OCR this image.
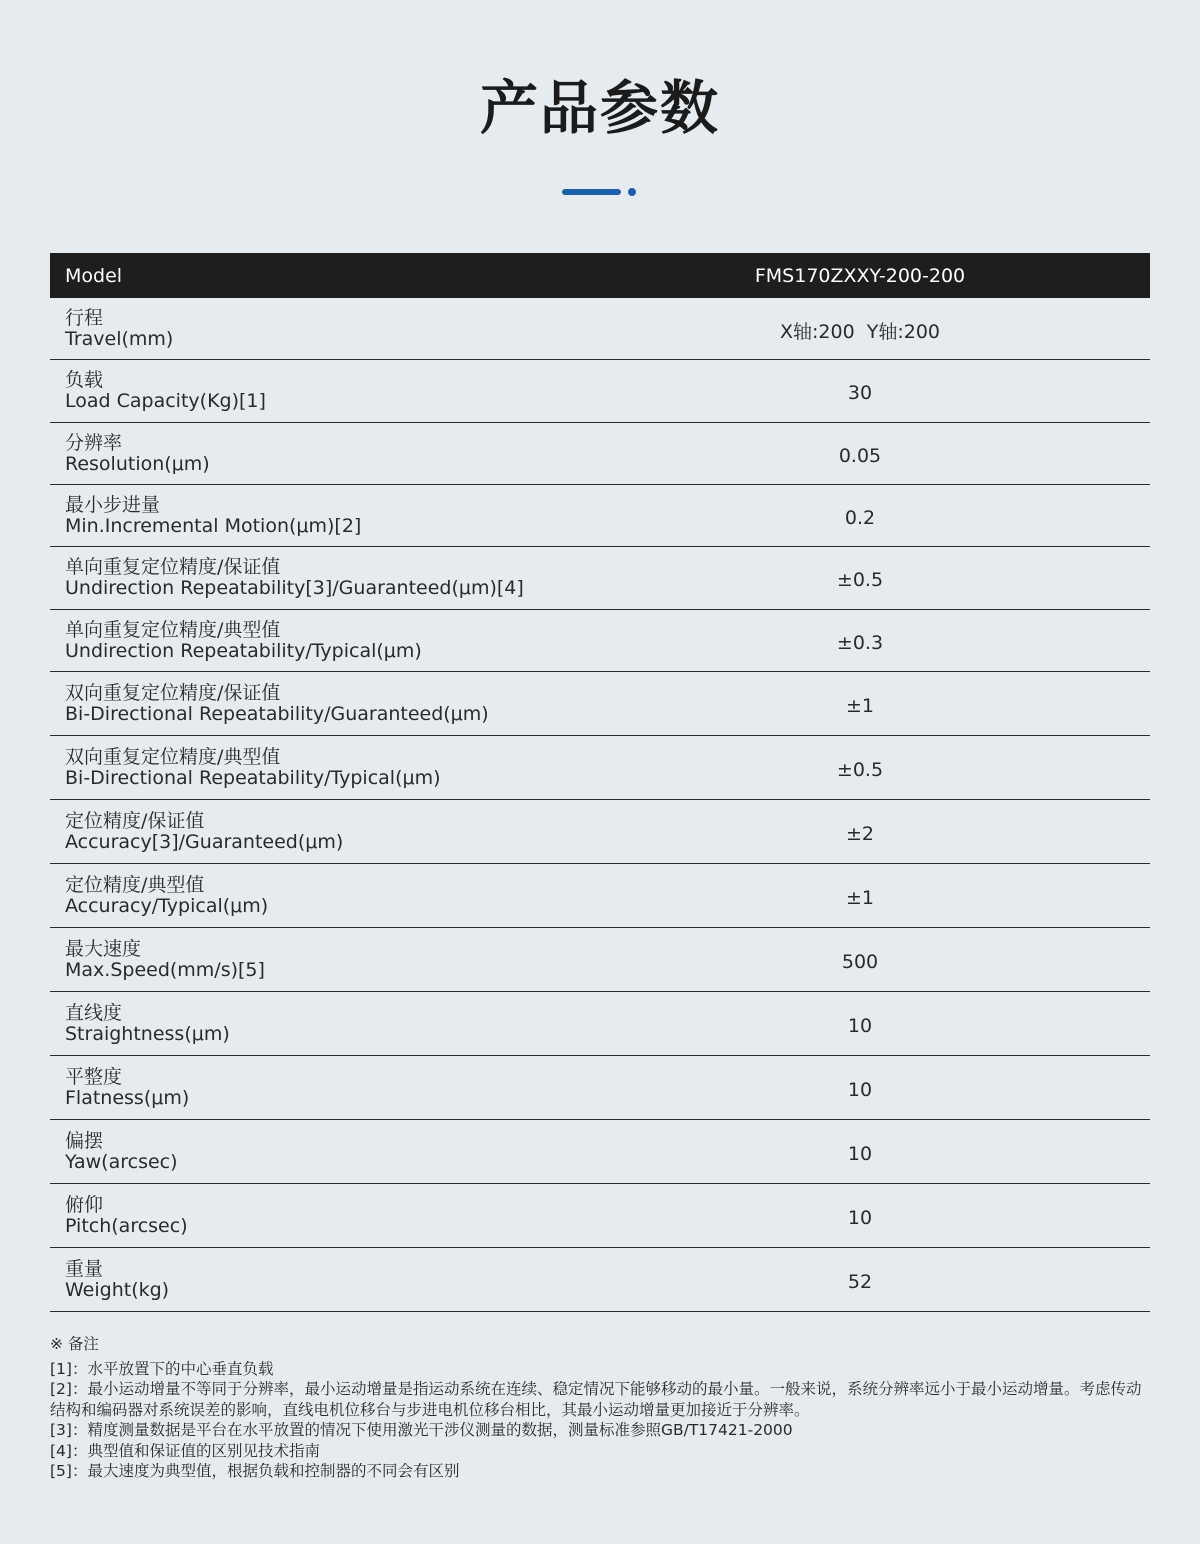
产品参数
Model	FMS170ZXXY-200-200
行程
Travel(mm)	X轴:200  Y轴:200
负载
Load Capacity(Kg)[1]	30
分辨率
Resolution(μm)	0.05
最小步进量
Min.Incremental Motion(μm)[2]	0.2
单向重复定位精度/保证值
Undirection Repeatability[3]/Guaranteed(μm)[4]	±0.5
单向重复定位精度/典型值
Undirection Repeatability/Typical(μm)	±0.3
双向重复定位精度/保证值
Bi-Directional Repeatability/Guaranteed(μm)	±1
双向重复定位精度/典型值
Bi-Directional Repeatability/Typical(μm)	±0.5
定位精度/保证值
Accuracy[3]/Guaranteed(μm)	±2
定位精度/典型值
Accuracy/Typical(μm)	±1
最大速度
Max.Speed(mm/s)[5]	500
直线度
Straightness(μm)	10
平整度
Flatness(μm)	10
偏摆
Yaw(arcsec)	10
俯仰
Pitch(arcsec)	10
重量
Weight(kg)	52
※ 备注
[1]：水平放置下的中心垂直负载
[2]：最小运动增量不等同于分辨率，最小运动增量是指运动系统在连续、稳定情况下能够移动的最小量。一般来说，系统分辨率远小于最小运动增量。考虑传动结构和编码器对系统误差的影响，直线电机位移台与步进电机位移台相比，其最小运动增量更加接近于分辨率。
[3]：精度测量数据是平台在水平放置的情况下使用激光干涉仪测量的数据，测量标准参照GB/T17421-2000
[4]：典型值和保证值的区别见技术指南
[5]：最大速度为典型值，根据负载和控制器的不同会有区别
